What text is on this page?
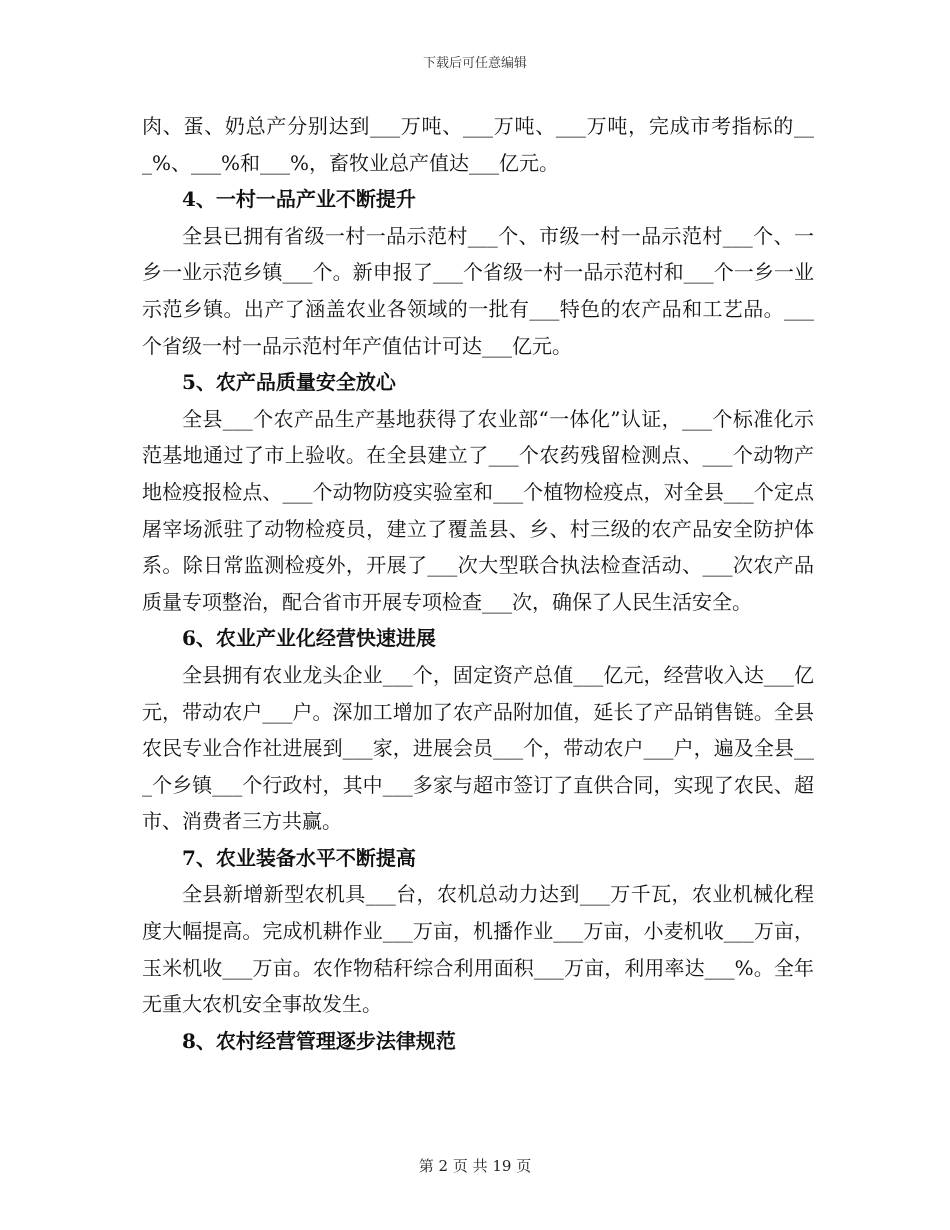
下载后可任意编辑

肉、蛋、奶总产分别达到___万吨、___万吨、___万吨，完成市考指标的___%、___%和___%，畜牧业总产值达___亿元。

4、一村一品产业不断提升

全县已拥有省级一村一品示范村___个、市级一村一品示范村___个、一乡一业示范乡镇___个。新申报了___个省级一村一品示范村和___个一乡一业示范乡镇。出产了涵盖农业各领域的一批有___特色的农产品和工艺品。___个省级一村一品示范村年产值估计可达___亿元。

5、农产品质量安全放心

全县___个农产品生产基地获得了农业部“一体化”认证，___个标准化示范基地通过了市上验收。在全县建立了___个农药残留检测点、___个动物产地检疫报检点、___个动物防疫实验室和___个植物检疫点，对全县___个定点屠宰场派驻了动物检疫员，建立了覆盖县、乡、村三级的农产品安全防护体系。除日常监测检疫外，开展了___次大型联合执法检查活动、___次农产品质量专项整治，配合省市开展专项检查___次，确保了人民生活安全。

6、农业产业化经营快速进展

全县拥有农业龙头企业___个，固定资产总值___亿元，经营收入达___亿元，带动农户___户。深加工增加了农产品附加值，延长了产品销售链。全县农民专业合作社进展到___家，进展会员___个，带动农户___户，遍及全县___个乡镇___个行政村，其中___多家与超市签订了直供合同，实现了农民、超市、消费者三方共赢。

7、农业装备水平不断提高

全县新增新型农机具___台，农机总动力达到___万千瓦，农业机械化程度大幅提高。完成机耕作业___万亩，机播作业___万亩，小麦机收___万亩，玉米机收___万亩。农作物秸秆综合利用面积___万亩，利用率达___%。全年无重大农机安全事故发生。

8、农村经营管理逐步法律规范

第 2 页 共 19 页
